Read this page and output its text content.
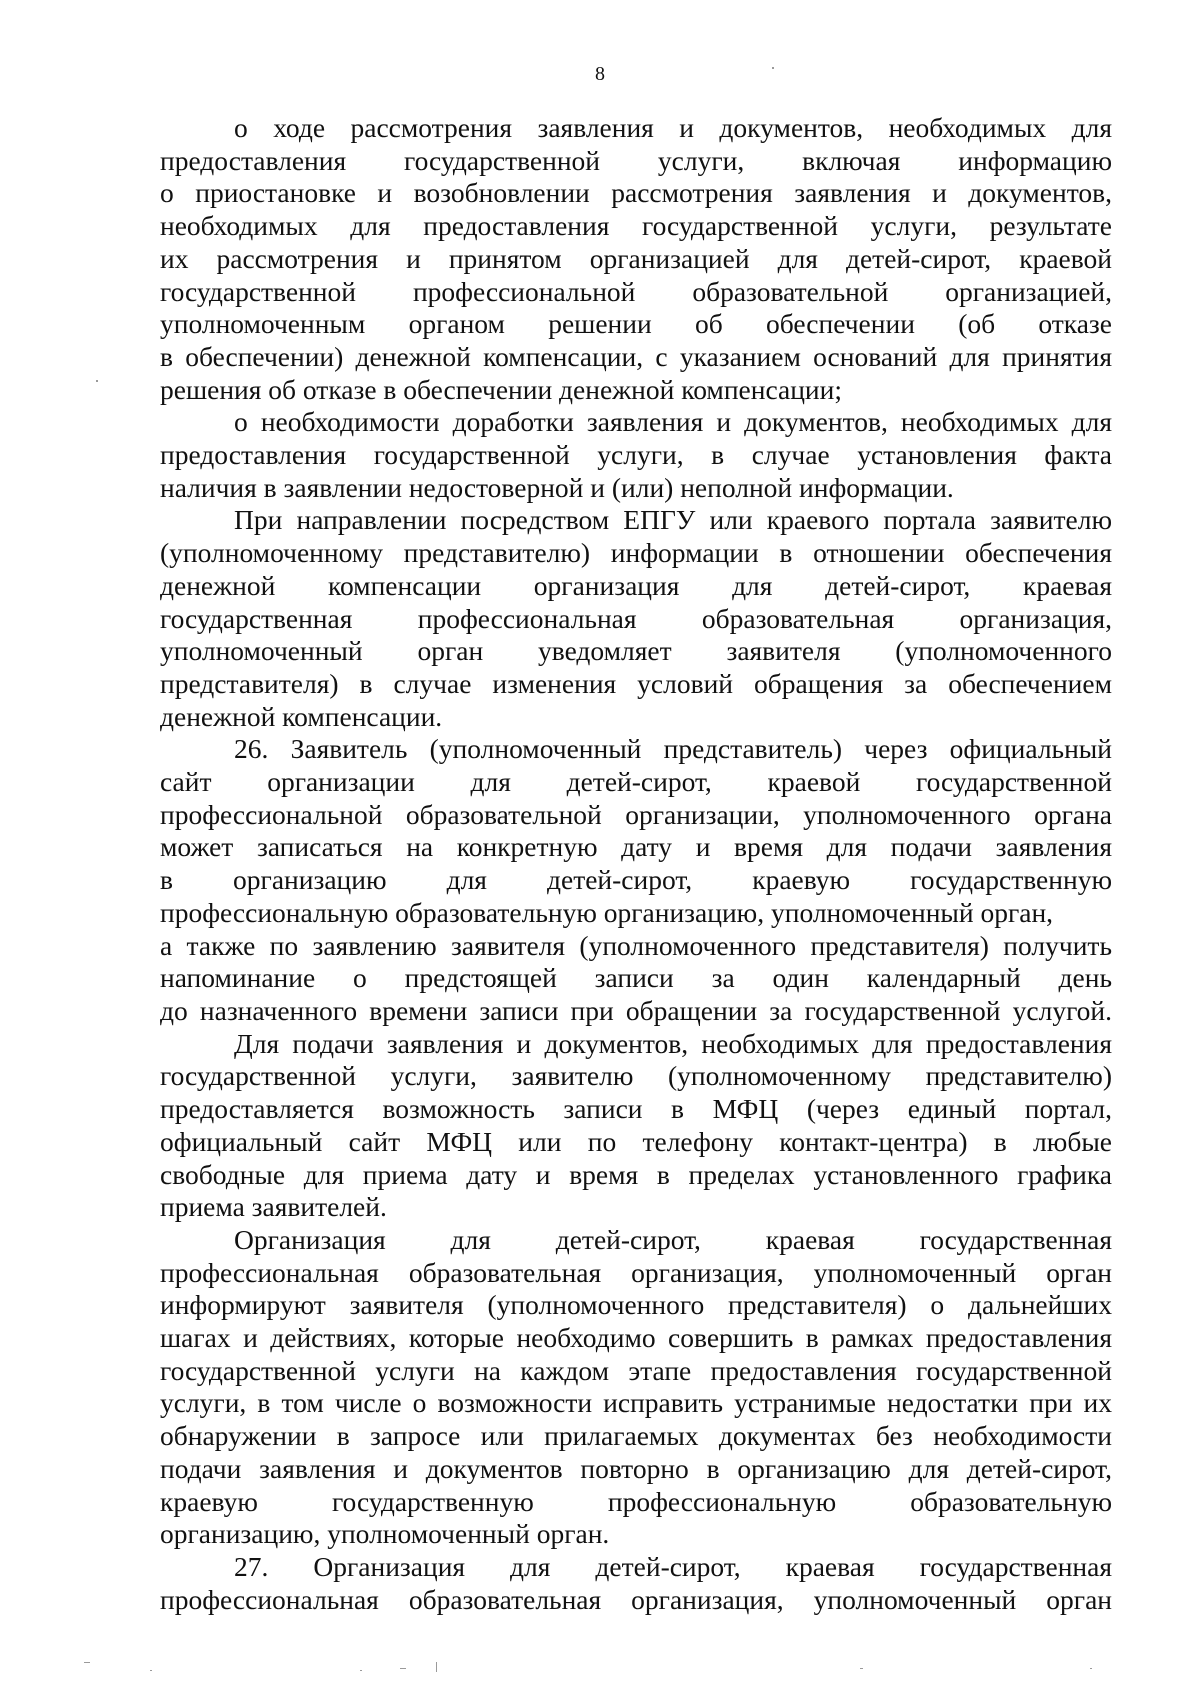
8

о ходе рассмотрения заявления и документов, необходимых для

предоставления государственной услуги, включая информацию

о приостановке и возобновлении рассмотрения заявления и документов,

необходимых для предоставления государственной услуги, результате

их рассмотрения и принятом организацией для детей-сирот, краевой

государственной профессиональной образовательной организацией,

уполномоченным органом решении об обеспечении (об отказе

в обеспечении) денежной компенсации, с указанием оснований для принятия

решения об отказе в обеспечении денежной компенсации;

о необходимости доработки заявления и документов, необходимых для

предоставления государственной услуги, в случае установления факта

наличия в заявлении недостоверной и (или) неполной информации.

При направлении посредством ЕПГУ или краевого портала заявителю

(уполномоченному представителю) информации в отношении обеспечения

денежной компенсации организация для детей-сирот, краевая

государственная профессиональная образовательная организация,

уполномоченный орган уведомляет заявителя (уполномоченного

представителя) в случае изменения условий обращения за обеспечением

денежной компенсации.

26. Заявитель (уполномоченный представитель) через официальный

сайт организации для детей-сирот, краевой государственной

профессиональной образовательной организации, уполномоченного органа

может записаться на конкретную дату и время для подачи заявления

в организацию для детей-сирот, краевую государственную

профессиональную образовательную организацию, уполномоченный орган,

а также по заявлению заявителя (уполномоченного представителя) получить

напоминание о предстоящей записи за один календарный день

до назначенного времени записи при обращении за государственной услугой.

Для подачи заявления и документов, необходимых для предоставления

государственной услуги, заявителю (уполномоченному представителю)

предоставляется возможность записи в МФЦ (через единый портал,

официальный сайт МФЦ или по телефону контакт-центра) в любые

свободные для приема дату и время в пределах установленного графика

приема заявителей.

Организация для детей-сирот, краевая государственная

профессиональная образовательная организация, уполномоченный орган

информируют заявителя (уполномоченного представителя) о дальнейших

шагах и действиях, которые необходимо совершить в рамках предоставления

государственной услуги на каждом этапе предоставления государственной

услуги, в том числе о возможности исправить устранимые недостатки при их

обнаружении в запросе или прилагаемых документах без необходимости

подачи заявления и документов повторно в организацию для детей-сирот,

краевую государственную профессиональную образовательную

организацию, уполномоченный орган.

27. Организация для детей-сирот, краевая государственная

профессиональная образовательная организация, уполномоченный орган
